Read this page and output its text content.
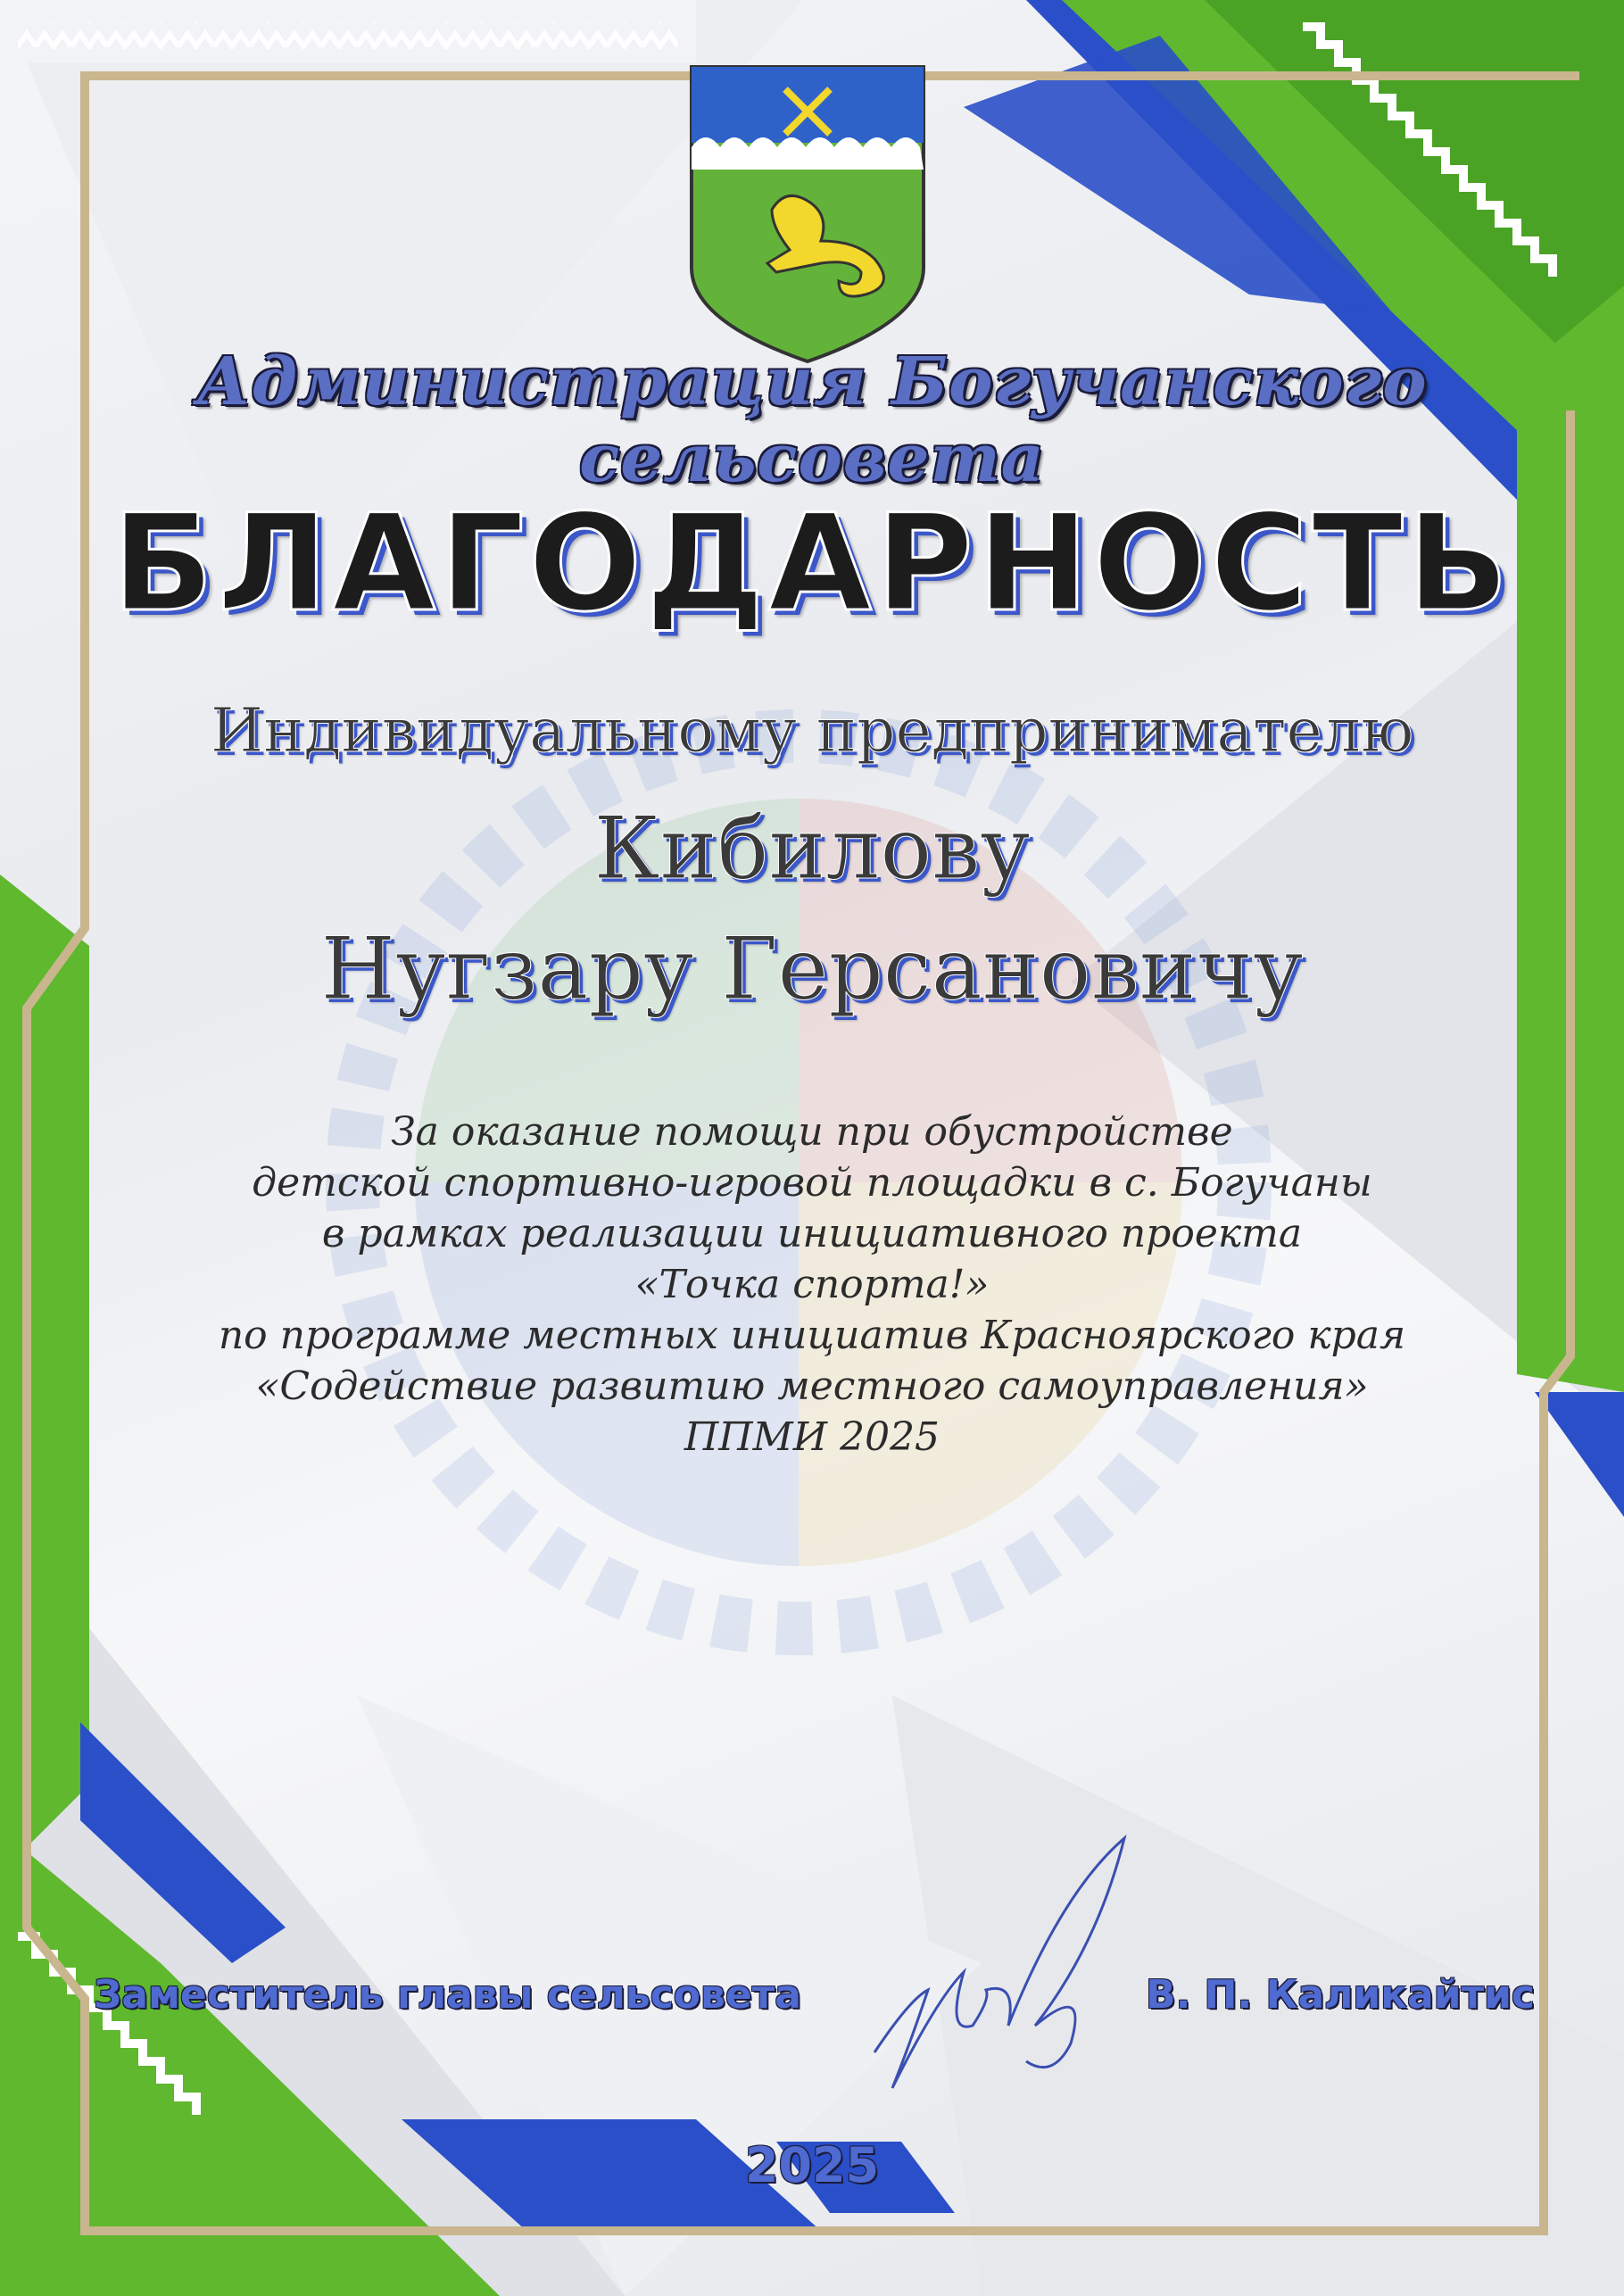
Администрация Богучанского сельсовета
БЛАГОДАРНОСТЬ
Индивидуальному предпринимателю
Кибилову
Нугзару Герсановичу
За оказание помощи при обустройстве
детской спортивно-игровой площадки в с. Богучаны
в рамках реализации инициативного проекта
«Точка спорта!»
по программе местных инициатив Красноярского края
«Содействие развитию местного самоуправления»
ППМИ 2025
Заместитель главы сельсовета	В. П. Каликайтис
2025
